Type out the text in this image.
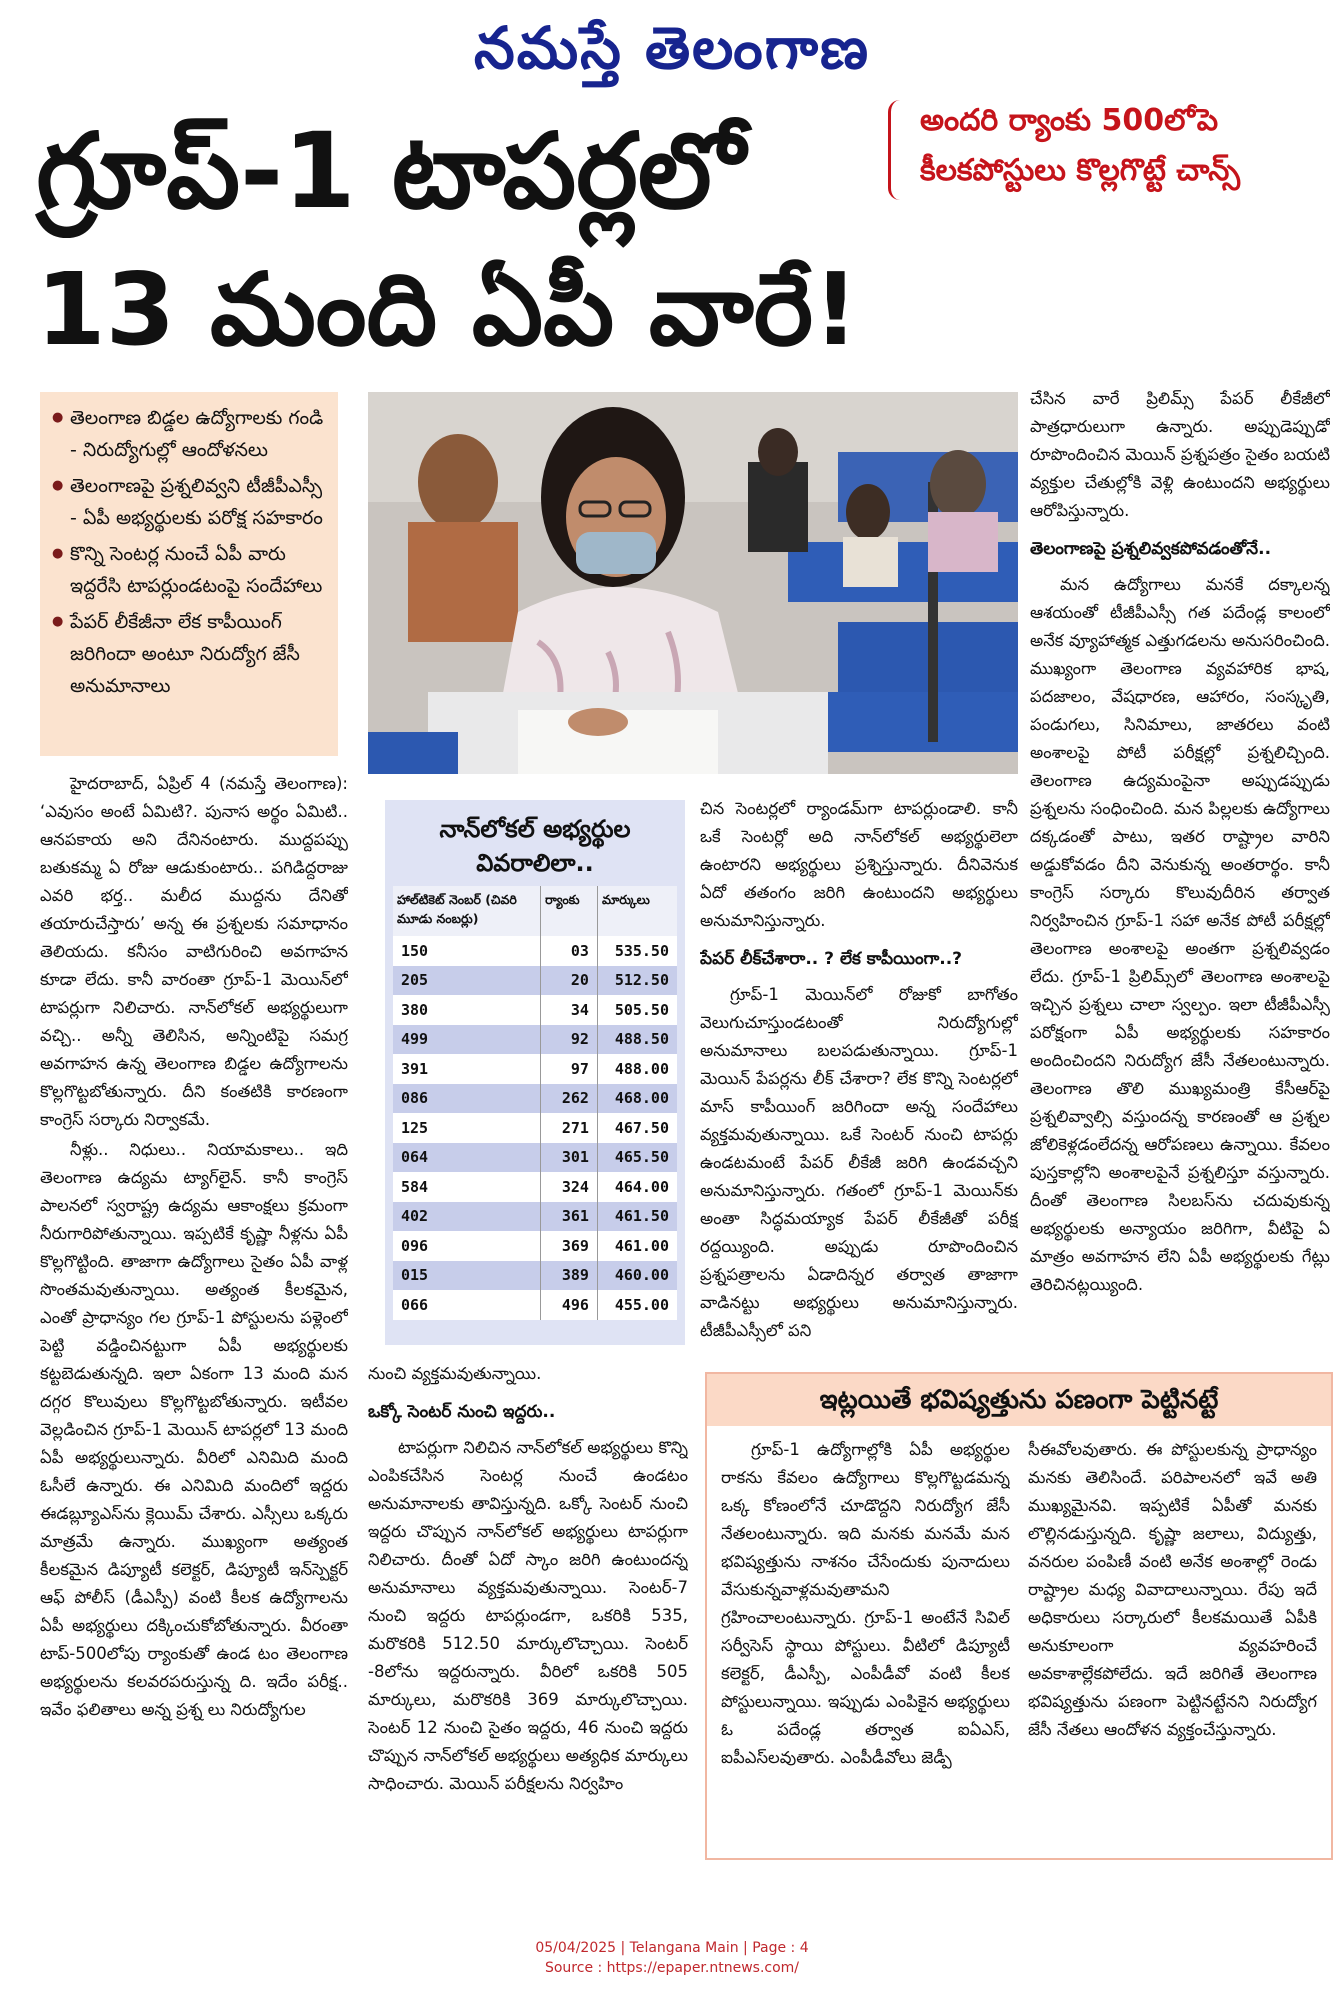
నమస్తే తెలంగాణ
గ్రూప్‌-1 టాపర్లలో	అందరి ర్యాంకు 500లోపె
కీలకపోస్టులు కొల్లగొట్టే చాన్స్‌
13 మంది ఏపీ వారే!
● తెలంగాణ బిడ్డల ఉద్యోగాలకు గండి - నిరుద్యోగుల్లో ఆందోళనలు
● తెలంగాణపై ప్రశ్నలివ్వని టీజీపీఎస్సీ - ఏపీ అభ్యర్థులకు పరోక్ష సహకారం
● కొన్ని సెంటర్ల నుంచే ఏపీ వారు ఇద్దరేసి టాపర్లుండటంపై సందేహాలు
● పేపర్‌ లీకేజీనా లేక కాపీయింగ్‌ జరిగిందా అంటూ నిరుద్యోగ జేసీ అనుమానాలు

హైదరాబాద్‌, ఏప్రిల్‌ 4 (నమస్తే తెలంగాణ): ‘ఎవుసం అంటే ఏమిటి?. పునాస అర్థం ఏమిటి.. ఆనపకాయ అని దేనినంటారు. ముద్దపప్పు బతుకమ్మ ఏ రోజు ఆడుకుంటారు.. పగిడిద్దరాజు ఎవరి భర్త.. మలీద ముద్దను దేనితో తయారుచేస్తారు’ అన్న ఈ ప్రశ్నలకు సమాధానం తెలియదు. కనీసం వాటిగురించి అవగాహన కూడా లేదు. కానీ వారంతా గ్రూప్‌-1 మెయిన్‌లో టాపర్లుగా నిలిచారు. నాన్‌లోకల్‌ అభ్యర్థులుగా వచ్చి.. అన్నీ తెలిసిన, అన్నింటిపై సమగ్ర అవగాహన ఉన్న తెలంగాణ బిడ్డల ఉద్యోగాలను కొల్లగొట్టబోతున్నారు. దీని కంతటికి కారణంగా కాంగ్రెస్‌ సర్కారు నిర్వాకమే.

నీళ్లు.. నిధులు.. నియామకాలు.. ఇది తెలంగాణ ఉద్యమ ట్యాగ్‌లైన్‌. కానీ కాంగ్రెస్‌ పాలనలో స్వరాష్ట్ర ఉద్యమ ఆకాంక్షలు క్రమంగా నీరుగారిపోతున్నాయి. ఇప్పటికే కృష్ణా నీళ్లను ఏపీ కొల్లగొట్టింది. తాజాగా ఉద్యోగాలు సైతం ఏపీ వాళ్ల సొంతమవుతున్నాయి. అత్యంత కీలకమైన, ఎంతో ప్రాధాన్యం గల గ్రూప్‌-1 పోస్టులను పళ్లెంలో పెట్టి వడ్డించినట్టుగా ఏపీ అభ్యర్థులకు కట్టబెడుతున్నది. ఇలా ఏకంగా 13 మంది మన దగ్గర కొలువులు కొల్లగొట్టబోతున్నారు. ఇటీవల వెల్లడించిన గ్రూప్‌-1 మెయిన్‌ టాపర్లలో 13 మంది ఏపీ అభ్యర్థులున్నారు. వీరిలో ఎనిమిది మంది ఓసీలే ఉన్నారు. ఈ ఎనిమిది మందిలో ఇద్దరు ఈడబ్ల్యూఎస్‌ను క్లెయిమ్‌ చేశారు. ఎస్సీలు ఒక్కరు మాత్రమే ఉన్నారు. ముఖ్యంగా అత్యంత కీలకమైన డిప్యూటీ కలెక్టర్‌, డిప్యూటీ ఇన్‌స్పెక్టర్‌ ఆఫ్‌ పోలీస్‌ (డీఎస్పీ) వంటి కీలక ఉద్యోగాలను ఏపీ అభ్యర్థులు దక్కించుకోబోతున్నారు. వీరంతా టాప్‌-500లోపు ర్యాంకుతో ఉండ టం తెలంగాణ అభ్యర్థులను కలవరపరుస్తున్న ది. ఇదేం పరీక్ష.. ఇవేం ఫలితాలు అన్న ప్రశ్న లు నిరుద్యోగుల

నాన్‌లోకల్‌ అభ్యర్థుల వివరాలిలా..
హాల్‌టికెట్‌ నెంబర్‌ (చివరి మూడు నంబర్లు)	ర్యాంకు	మార్కులు
150	03	535.50
205	20	512.50
380	34	505.50
499	92	488.50
391	97	488.00
086	262	468.00
125	271	467.50
064	301	465.50
584	324	464.00
402	361	461.50
096	369	461.00
015	389	460.00
066	496	455.00

నుంచి వ్యక్తమవుతున్నాయి.

ఒక్కో సెంటర్‌ నుంచి ఇద్దరు..

టాపర్లుగా నిలిచిన నాన్‌లోకల్‌ అభ్యర్థులు కొన్ని ఎంపికచేసిన సెంటర్ల నుంచే ఉండటం అనుమానాలకు తావిస్తున్నది. ఒక్కో సెంటర్‌ నుంచి ఇద్దరు చొప్పున నాన్‌లోకల్‌ అభ్యర్థులు టాపర్లుగా నిలిచారు. దీంతో ఏదో స్కాం జరిగి ఉంటుందన్న అనుమానాలు వ్యక్తమవుతున్నాయి. సెంటర్‌-7 నుంచి ఇద్దరు టాపర్లుండగా, ఒకరికి 535, మరొకరికి 512.50 మార్కులొచ్చాయి. సెంటర్‌ -8లోను ఇద్దరున్నారు. వీరిలో ఒకరికి 505 మార్కులు, మరొకరికి 369 మార్కులొచ్చాయి. సెంటర్‌ 12 నుంచి సైతం ఇద్దరు, 46 నుంచి ఇద్దరు చొప్పున నాన్‌లోకల్‌ అభ్యర్థులు అత్యధిక మార్కులు సాధించారు. మెయిన్‌ పరీక్షలను నిర్వహిం

చిన సెంటర్లలో ర్యాండమ్‌గా టాపర్లుండాలి. కానీ ఒకే సెంటర్లో అది నాన్‌లోకల్‌ అభ్యర్థులెలా ఉంటారని అభ్యర్థులు ప్రశ్నిస్తున్నారు. దీనివెనుక ఏదో తతంగం జరిగి ఉంటుందని అభ్యర్థులు అనుమానిస్తున్నారు.

పేపర్‌ లీక్‌చేశారా.. ? లేక కాపీయింగా..?

గ్రూప్‌-1 మెయిన్‌లో రోజుకో బాగోతం వెలుగుచూస్తుండటంతో నిరుద్యోగుల్లో అనుమానాలు బలపడుతున్నాయి. గ్రూప్‌-1 మెయిన్‌ పేపర్లను లీక్‌ చేశారా? లేక కొన్ని సెంటర్లలో మాస్‌ కాపీయింగ్‌ జరిగిందా అన్న సందేహాలు వ్యక్తమవుతున్నాయి. ఒకే సెంటర్‌ నుంచి టాపర్లు ఉండటమంటే పేపర్‌ లీకేజీ జరిగి ఉండవచ్చని అనుమానిస్తున్నారు. గతంలో గ్రూప్‌-1 మెయిన్‌కు అంతా సిద్ధమయ్యాక పేపర్‌ లీకేజీతో పరీక్ష రద్దయ్యింది. అప్పుడు రూపొందించిన ప్రశ్నపత్రాలను ఏడాదిన్నర తర్వాత తాజాగా వాడినట్టు అభ్యర్థులు అనుమానిస్తున్నారు. టీజీపీఎస్సీలో పని

చేసిన వారే ప్రిలిమ్స్‌ పేపర్‌ లీకేజీలో పాత్రధారులుగా ఉన్నారు. అప్పుడెప్పుడో రూపొందించిన మెయిన్‌ ప్రశ్నపత్రం సైతం బయటి వ్యక్తుల చేతుల్లోకి వెళ్లి ఉంటుందని అభ్యర్థులు ఆరోపిస్తున్నారు.

తెలంగాణపై ప్రశ్నలివ్వకపోవడంతోనే..

మన ఉద్యోగాలు మనకే దక్కాలన్న ఆశయంతో టీజీపీఎస్సీ గత పదేండ్ల కాలంలో అనేక వ్యూహాత్మక ఎత్తుగడలను అనుసరించింది. ముఖ్యంగా తెలంగాణ వ్యవహారిక భాష, పదజాలం, వేషధారణ, ఆహారం, సంస్కృతి, పండుగలు, సినిమాలు, జాతరలు వంటి అంశాలపై పోటీ పరీక్షల్లో ప్రశ్నలిచ్చింది. తెలంగాణ ఉద్యమంపైనా అప్పుడప్పుడు ప్రశ్నలను సంధించింది. మన పిల్లలకు ఉద్యోగాలు దక్కడంతో పాటు, ఇతర రాష్ట్రాల వారిని అడ్డుకోవడం దీని వెనుకున్న అంతరార్థం. కానీ కాంగ్రెస్‌ సర్కారు కొలువుదీరిన తర్వాత నిర్వహించిన గ్రూప్‌-1 సహా అనేక పోటీ పరీక్షల్లో తెలంగాణ అంశాలపై అంతగా ప్రశ్నలివ్వడం లేదు. గ్రూప్‌-1 ప్రిలిమ్స్‌లో తెలంగాణ అంశాలపై ఇచ్చిన ప్రశ్నలు చాలా స్వల్పం. ఇలా టీజీపీఎస్సీ పరోక్షంగా ఏపీ అభ్యర్థులకు సహకారం అందించిందని నిరుద్యోగ జేసీ నేతలంటున్నారు. తెలంగాణ తొలి ముఖ్యమంత్రి కేసీఆర్‌పై ప్రశ్నలివ్వాల్సి వస్తుందన్న కారణంతో ఆ ప్రశ్నల జోలికెళ్లడంలేదన్న ఆరోపణలు ఉన్నాయి. కేవలం పుస్తకాల్లోని అంశాలపైనే ప్రశ్నలిస్తూ వస్తున్నారు. దీంతో తెలంగాణ సిలబస్‌ను చదువుకున్న అభ్యర్థులకు అన్యాయం జరిగిగా, వీటిపై ఏ మాత్రం అవగాహన లేని ఏపీ అభ్యర్థులకు గేట్లు తెరిచినట్లయ్యింది.

ఇట్లయితే భవిష్యత్తును పణంగా పెట్టినట్టే

గ్రూప్‌-1 ఉద్యోగాల్లోకి ఏపీ అభ్యర్థుల రాకను కేవలం ఉద్యోగాలు కొల్లగొట్టడమన్న ఒక్క కోణంలోనే చూడొద్దని నిరుద్యోగ జేసీ నేతలంటున్నారు. ఇది మనకు మనమే మన భవిష్యత్తును నాశనం చేసేందుకు పునాదులు వేసుకున్నవాళ్లమవుతామని గ్రహించాలంటున్నారు. గ్రూప్‌-1 అంటేనే సివిల్‌ సర్వీసెస్‌ స్థాయి పోస్టులు. వీటిలో డిప్యూటీ కలెక్టర్‌, డీఎస్పీ, ఎంపీడీవో వంటి కీలక పోస్టులున్నాయి. ఇప్పుడు ఎంపికైన అభ్యర్థులు ఓ పదేండ్ల తర్వాత ఐఏఎస్‌, ఐపీఎస్‌లవుతారు. ఎంపీడీవోలు జెడ్పీ

సీఈవోలవుతారు. ఈ పోస్టులకున్న ప్రాధాన్యం మనకు తెలిసిందే. పరిపాలనలో ఇవే అతి ముఖ్యమైనవి. ఇప్పటికే ఏపీతో మనకు లొల్లినడుస్తున్నది. కృష్ణా జలాలు, విద్యుత్తు, వనరుల పంపిణీ వంటి అనేక అంశాల్లో రెండు రాష్ట్రాల మధ్య వివాదాలున్నాయి. రేపు ఇదే అధికారులు సర్కారులో కీలకమయితే ఏపీకి అనుకూలంగా వ్యవహరించే అవకాశాల్లేకపోలేదు. ఇదే జరిగితే తెలంగాణ భవిష్యత్తును పణంగా పెట్టినట్టేనని నిరుద్యోగ జేసీ నేతలు ఆందోళన వ్యక్తంచేస్తున్నారు.

05/04/2025 | Telangana Main | Page : 4
Source : https://epaper.ntnews.com/
